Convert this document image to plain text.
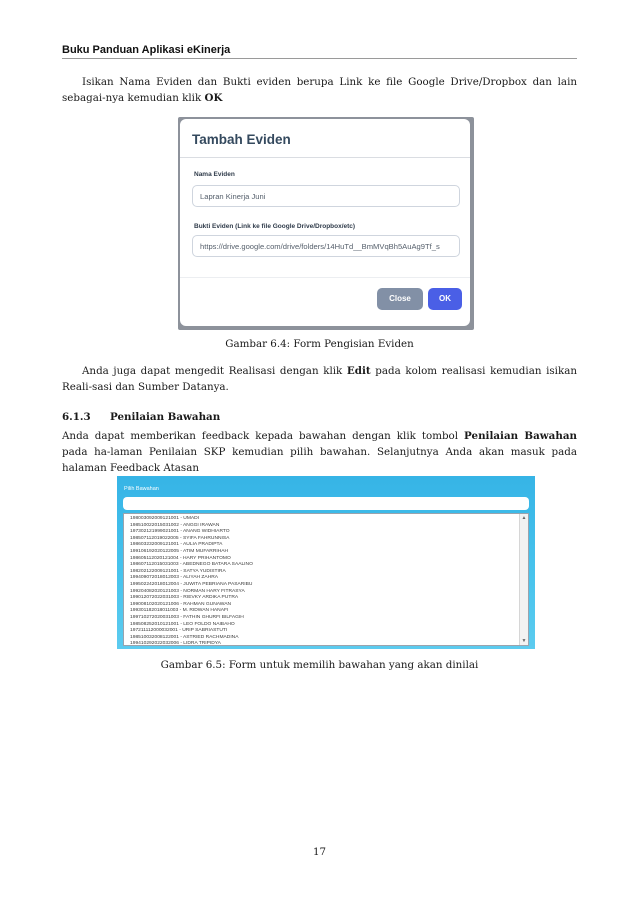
Buku Panduan Aplikasi eKinerja
Isikan Nama Eviden dan Bukti eviden berupa Link ke file Google Drive/Dropbox dan lain sebagai-nya kemudian klik OK
Tambah Eviden
Nama Eviden
Lapran Kinerja Juni
Bukti Eviden (Link ke file Google Drive/Dropbox/etc)
https://drive.google.com/drive/folders/14HuTd__BmMVqBh5AuAg9Tf_s
Close	OK
Gambar 6.4: Form Pengisian Eviden
Anda juga dapat mengedit Realisasi dengan klik Edit pada kolom realisasi kemudian isikan Reali-sasi dan Sumber Datanya.
6.1.3 Penilaian Bawahan
Anda dapat memberikan feedback kepada bawahan dengan klik tombol Penilaian Bawahan pada ha-laman Penilaian SKP kemudian pilih bawahan. Selanjutnya Anda akan masuk pada halaman Feedback Atasan
Pilih Bawahan
198003092009121001 - UMADI
198510022015031002 - ANGGI IRAWAN
197302121999021001 - ANANG WIDHIARTO
198507112019022005 - SYIFA FAHRUNNISA
198603232009121001 - AULIA PRADIPTA
199106192020122005 - ATIM MUFARRIHAH
198605112020121004 - HARY PRIHANTOMO
198607112015031003 - ABEDNEGO BATARA SAALINO
198202122009121001 - SATYA YUDISTIRA
199409072018012003 - ALIYAH ZAHRA
199502242018012004 - JUWITA PEBRIANA PASARIBU
199204082020121003 - NORMAN HARY FITRASYA
199012072022031003 - RIEVKY ARDIKA PUTRA
199008102020121006 - RAHMAN GUNAWAN
199301182018011003 - M. RIDWAN HANAFI
199710272020031003 - FATHIN GHURFI BILFAGIH
198508252010121001 - LEO FOLDO NAIBAHO
197211112000032001 - URIP SABRIASTUTI
198510032008122001 - ASTRIED RACHMADINA
199410292022032006 - LIDRA TRIPIDYA
▲
▼
Gambar 6.5: Form untuk memilih bawahan yang akan dinilai
17
